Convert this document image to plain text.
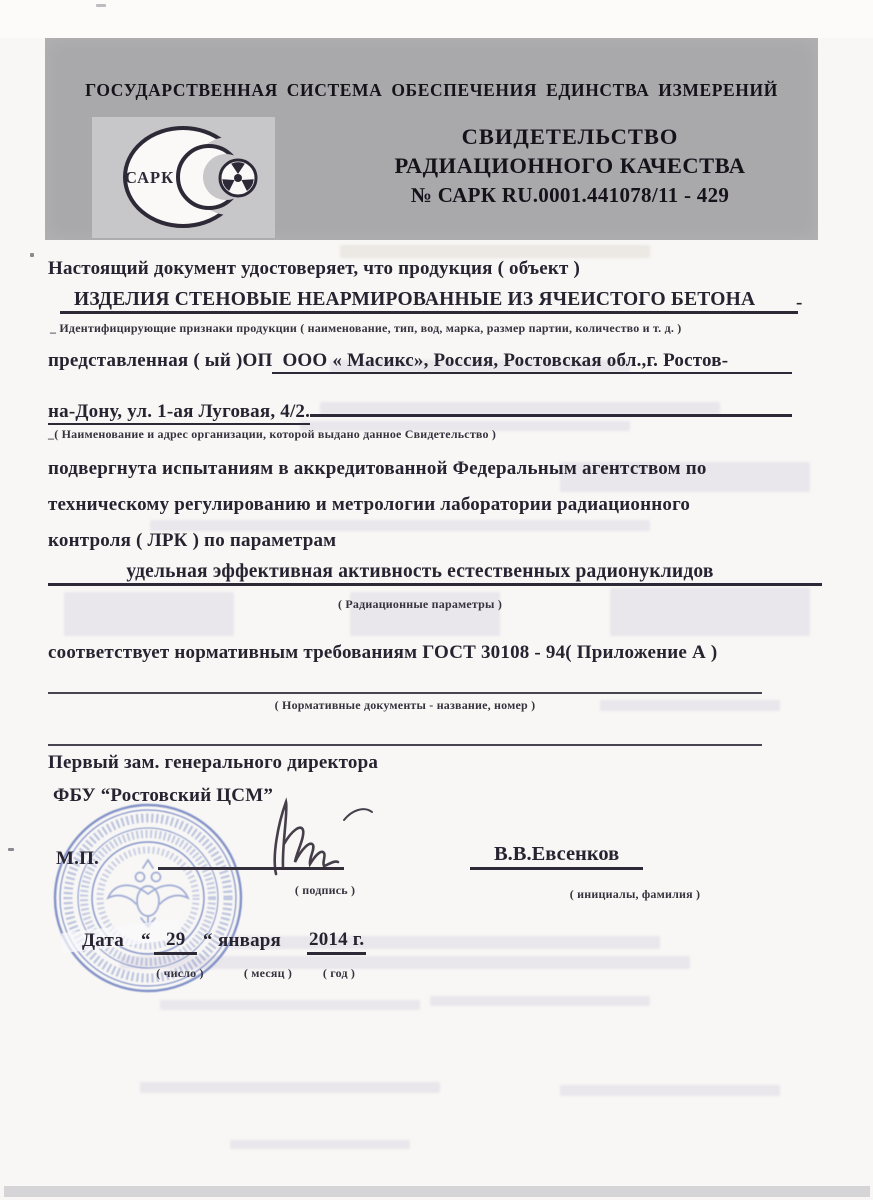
ГОСУДАРСТВЕННАЯ СИСТЕМА ОБЕСПЕЧЕНИЯ ЕДИНСТВА ИЗМЕРЕНИЙ
САРК
СВИДЕТЕЛЬСТВО
РАДИАЦИОННОГО КАЧЕСТВА
№ САРК RU.0001.441078/11 - 429
Настоящий документ удостоверяет, что продукция ( объект )
ИЗДЕЛИЯ СТЕНОВЫЕ НЕАРМИРОВАННЫЕ ИЗ ЯЧЕИСТОГО БЕТОНА	-
_ Идентифицирующие признаки продукции ( наименование, тип, вод, марка, размер партии, количество и т. д. )
представленная ( ый )ОП ООО « Масикс», Россия, Ростовская обл.,г. Ростов-
на-Дону, ул. 1-ая Луговая, 4/2.
_( Наименование и адрес организации, которой выдано данное Свидетельство )
подвергнута испытаниям в аккредитованной Федеральным агентством по
техническому регулированию и метрологии лаборатории радиационного
контроля ( ЛРК ) по параметрам
удельная эффективная активность естественных радионуклидов
( Радиационные параметры )
соответствует нормативным требованиям ГОСТ 30108 - 94( Приложение А )
( Нормативные документы - название, номер )
Первый зам. генерального директора
ФБУ “Ростовский ЦСМ”
М.П.
( подпись )
В.В.Евсенков
( инициалы, фамилия )
Дата “ 29 “ января 2014 г.
( число )	( месяц )	( год )
